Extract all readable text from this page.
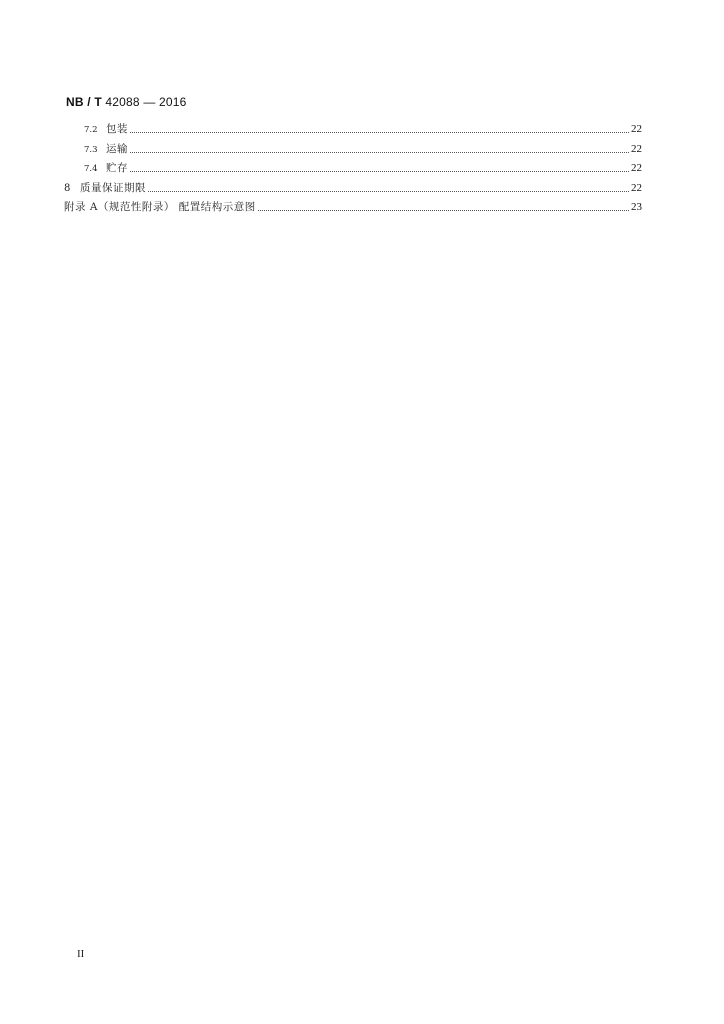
NB / T 42088 — 2016
7.2 包装	22
7.3 运输	22
7.4 贮存	22
8 质量保证期限	22
附录 A（规范性附录） 配置结构示意图	23
II
